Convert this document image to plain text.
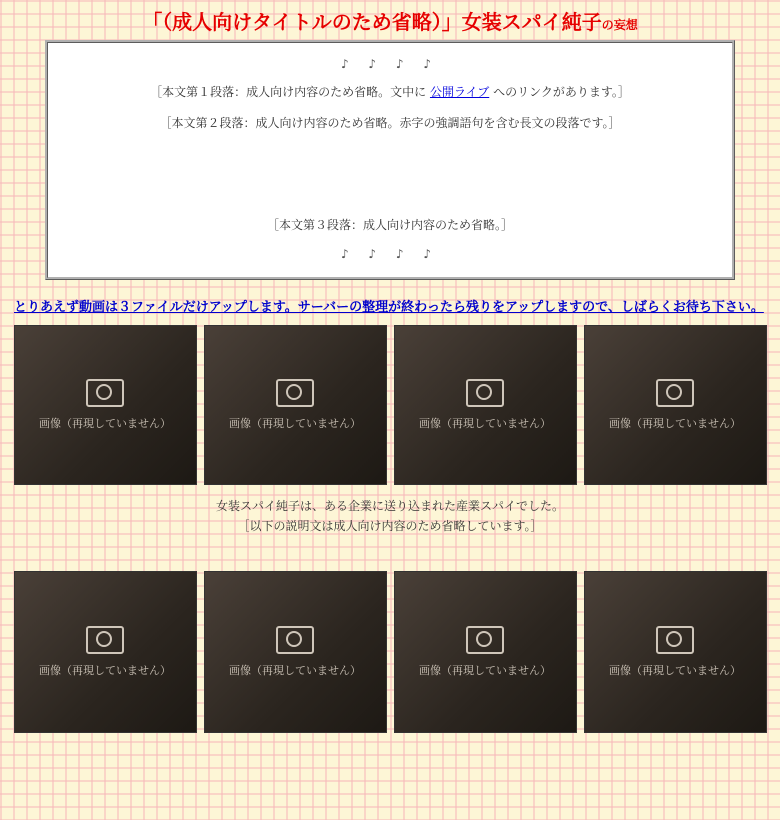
「（成人向けタイトルのため省略）」女装スパイ純子の妄想
♪ ♪ ♪ ♪

［本文第１段落：成人向け内容のため省略。文中に 公開ライブ へのリンクがあります。］

［本文第２段落：成人向け内容のため省略。赤字の強調語句を含む長文の段落です。］

［本文第３段落：成人向け内容のため省略。］

♪ ♪ ♪ ♪
とりあえず動画は３ファイルだけアップします。サーバーの整理が終わったら残りをアップしますので、しばらくお待ち下さい。
画像（再現していません）	画像（再現していません）	画像（再現していません）	画像（再現していません）
女装スパイ純子は、ある企業に送り込まれた産業スパイでした。
［以下の説明文は成人向け内容のため省略しています。］
画像（再現していません）	画像（再現していません）	画像（再現していません）	画像（再現していません）
